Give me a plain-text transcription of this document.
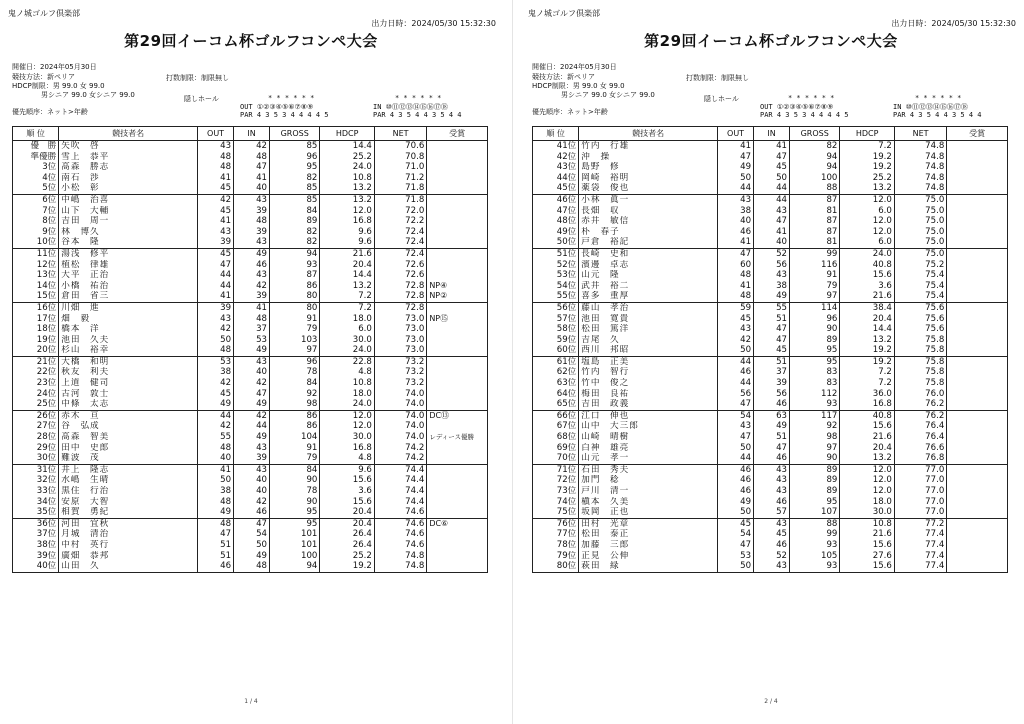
鬼ノ城ゴルフ倶楽部
出力日時：2024/05/30 15:32:30
第29回イーコム杯ゴルフコンペ大会
開催日：2024年05月30日
競技方法：新ペリア	打数制限：制限無し
HDCP制限：男 99.0 女 99.0
男シニア 99.0 女シニア 99.0	隠しホール	* * * * * *
OUT ①②③④⑤⑥⑦⑧⑨
PAR 4 3 5 3 4 4 4 4 5
* * * * * *
IN ⑩⑪⑫⑬⑭⑮⑯⑰⑱
PAR 4 3 5 4 4 3 5 4 4
優先順序：ネット>年齢
順 位	競技者名	OUT	IN	GROSS	HDCP	NET	受賞
優　勝	矢吹　啓	43	42	85	14.4	70.6	
準優勝	雪上　恭平	48	48	96	25.2	70.8	
3位	髙森　勝志	48	47	95	24.0	71.0	
4位	南石　渉	41	41	82	10.8	71.2	
5位	小松　彰	45	40	85	13.2	71.8	
6位	中嶋　治喜	42	43	85	13.2	71.8	
7位	山下　大輔	45	39	84	12.0	72.0	
8位	吉田　周一	41	48	89	16.8	72.2	
9位	林　博久	43	39	82	9.6	72.4	
10位	谷本　隆	39	43	82	9.6	72.4	
11位	湯浅　修平	45	49	94	21.6	72.4	
12位	植松　律雄	47	46	93	20.4	72.6	
13位	大平　正治	44	43	87	14.4	72.6	
14位	小橋　祐治	44	42	86	13.2	72.8	NP④
15位	倉田　省三	41	39	80	7.2	72.8	NP②
16位	川畑　進	39	41	80	7.2	72.8	
17位	畑　毅	43	48	91	18.0	73.0	NP⑮
18位	橋本　洋	42	37	79	6.0	73.0	
19位	池田　久夫	50	53	103	30.0	73.0	
20位	杉山　裕幸	48	49	97	24.0	73.0	
21位	大橋　和明	53	43	96	22.8	73.2	
22位	秋友　利夫	38	40	78	4.8	73.2	
23位	上道　健司	42	42	84	10.8	73.2	
24位	古河　敦士	45	47	92	18.0	74.0	
25位	中條　太志	49	49	98	24.0	74.0	
26位	赤木　亘	44	42	86	12.0	74.0	DC⑬
27位	谷　弘成	42	44	86	12.0	74.0	
28位	髙森　智美	55	49	104	30.0	74.0	レディース優勝
29位	田中　史郎	48	43	91	16.8	74.2	
30位	難波　茂	40	39	79	4.8	74.2	
31位	井上　隆志	41	43	84	9.6	74.4	
32位	水嶋　生晴	50	40	90	15.6	74.4	
33位	黒住　行治	38	40	78	3.6	74.4	
34位	安原　大智	48	42	90	15.6	74.4	
35位	相賀　勇紀	49	46	95	20.4	74.6	
36位	河田　宜秋	48	47	95	20.4	74.6	DC⑥
37位	月城　清治	47	54	101	26.4	74.6	
38位	中村　英行	51	50	101	26.4	74.6	
39位	廣畑　恭邦	51	49	100	25.2	74.8	
40位	山田　久	46	48	94	19.2	74.8	
1 / 4
鬼ノ城ゴルフ倶楽部
出力日時：2024/05/30 15:32:30
第29回イーコム杯ゴルフコンペ大会
開催日：2024年05月30日
競技方法：新ペリア	打数制限：制限無し
HDCP制限：男 99.0 女 99.0
男シニア 99.0 女シニア 99.0	隠しホール	* * * * * *
OUT ①②③④⑤⑥⑦⑧⑨
PAR 4 3 5 3 4 4 4 4 5
* * * * * *
IN ⑩⑪⑫⑬⑭⑮⑯⑰⑱
PAR 4 3 5 4 4 3 5 4 4
優先順序：ネット>年齢
順 位	競技者名	OUT	IN	GROSS	HDCP	NET	受賞
41位	竹内　行雄	41	41	82	7.2	74.8	
42位	沖　操	47	47	94	19.2	74.8	
43位	島野　修	49	45	94	19.2	74.8	
44位	岡崎　裕明	50	50	100	25.2	74.8	
45位	薬袋　俊也	44	44	88	13.2	74.8	
46位	小林　眞一	43	44	87	12.0	75.0	
47位	長畑　収	38	43	81	6.0	75.0	
48位	赤井　敏信	40	47	87	12.0	75.0	
49位	朴　春子	46	41	87	12.0	75.0	
50位	戸倉　裕記	41	40	81	6.0	75.0	
51位	長崎　史和	47	52	99	24.0	75.0	
52位	濱邊　卓志	60	56	116	40.8	75.2	
53位	山元　隆	48	43	91	15.6	75.4	
54位	武井　裕二	41	38	79	3.6	75.4	
55位	喜多　重厚	48	49	97	21.6	75.4	
56位	藤山　孝治	59	55	114	38.4	75.6	
57位	池田　寛貴	45	51	96	20.4	75.6	
58位	松田　篤洋	43	47	90	14.4	75.6	
59位	吉尾　久	42	47	89	13.2	75.8	
60位	西川　邦昭	50	45	95	19.2	75.8	
61位	塩島　正美	44	51	95	19.2	75.8	
62位	竹内　智行	46	37	83	7.2	75.8	
63位	竹中　俊之	44	39	83	7.2	75.8	
64位	梅田　良祐	56	56	112	36.0	76.0	
65位	吉田　政義	47	46	93	16.8	76.2	
66位	江口　伸也	54	63	117	40.8	76.2	
67位	山中　大三郎	43	49	92	15.6	76.4	
68位	山崎　晴樹	47	51	98	21.6	76.4	
69位	白神　雄亮	50	47	97	20.4	76.6	
70位	山元　孝一	44	46	90	13.2	76.8	
71位	石田　秀夫	46	43	89	12.0	77.0	
72位	加門　稔	46	43	89	12.0	77.0	
73位	戸川　清一	46	43	89	12.0	77.0	
74位	槇本　久美	49	46	95	18.0	77.0	
75位	坂岡　正也	50	57	107	30.0	77.0	
76位	田村　光章	45	43	88	10.8	77.2	
77位	松田　泰正	54	45	99	21.6	77.4	
78位	加藤　三郎	47	46	93	15.6	77.4	
79位	正見　公伸	53	52	105	27.6	77.4	
80位	萩田　緑	50	43	93	15.6	77.4	
2 / 4
